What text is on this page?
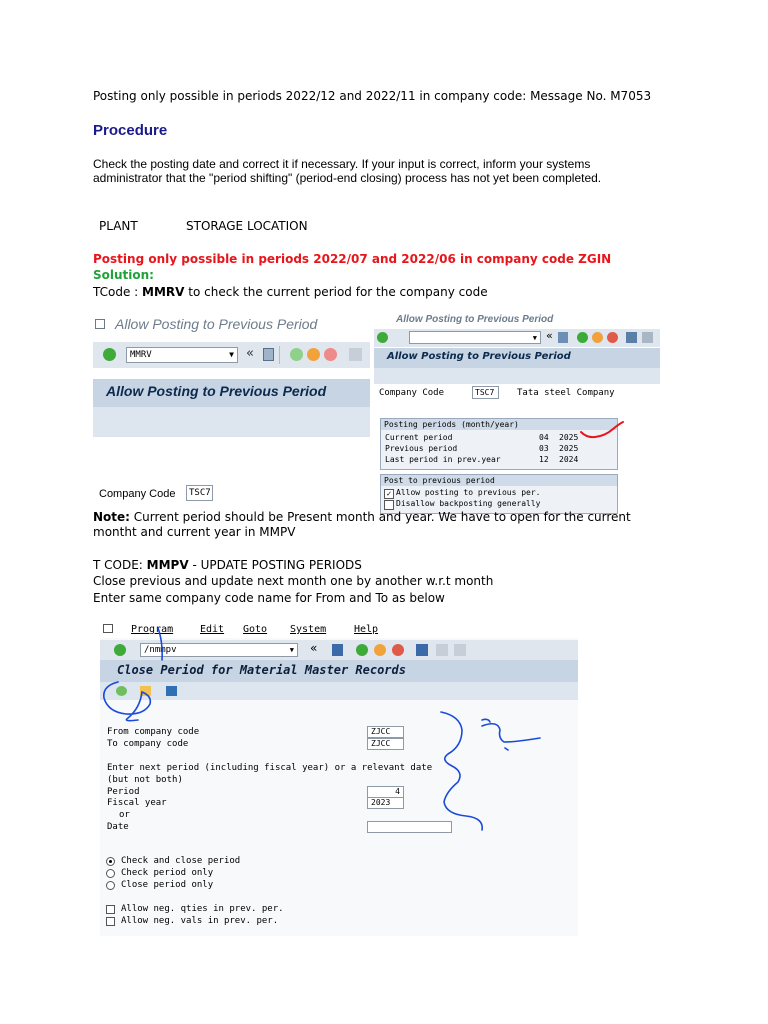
Posting only possible in periods 2022/12 and 2022/11 in company code: Message No. M7053
Procedure
Check the posting date and correct it if necessary. If your input is correct, inform your systems administrator that the "period shifting" (period-end closing) process has not yet been completed.
PLANT	STORAGE LOCATION
Posting only possible in periods 2022/07 and 2022/06 in company code ZGIN
Solution:
TCode : MMRV to check the current period for the company code
Allow Posting to Previous Period
MMRV	▼ «
Allow Posting to Previous Period
Company Code	TSC7
Allow Posting to Previous Period
▼ «
Allow Posting to Previous Period
Company Code	TSC7	Tata steel Company
Posting periods (month/year)
Current period	04 2025
Previous period	03 2025
Last period in prev.year	12 2024
Post to previous period
✓ Allow posting to previous per.
Disallow backposting generally
Note: Current period should be Present month and year. We have to open for the current montht and current year in MMPV
T CODE: MMPV - UPDATE POSTING PERIODS
Close previous and update next month one by another w.r.t month
Enter same company code name for From and To as below
Program	Edit Goto System	Help
/nmmpv	▼ «
Close Period for Material Master Records
From company code	ZJCC
To company code	ZJCC
Enter next period (including fiscal year) or a relevant date
(but not both)
Period	4
Fiscal year	2023
or
Date
Check and close period
Check period only
Close period only
Allow neg. qties in prev. per.
Allow neg. vals in prev. per.
